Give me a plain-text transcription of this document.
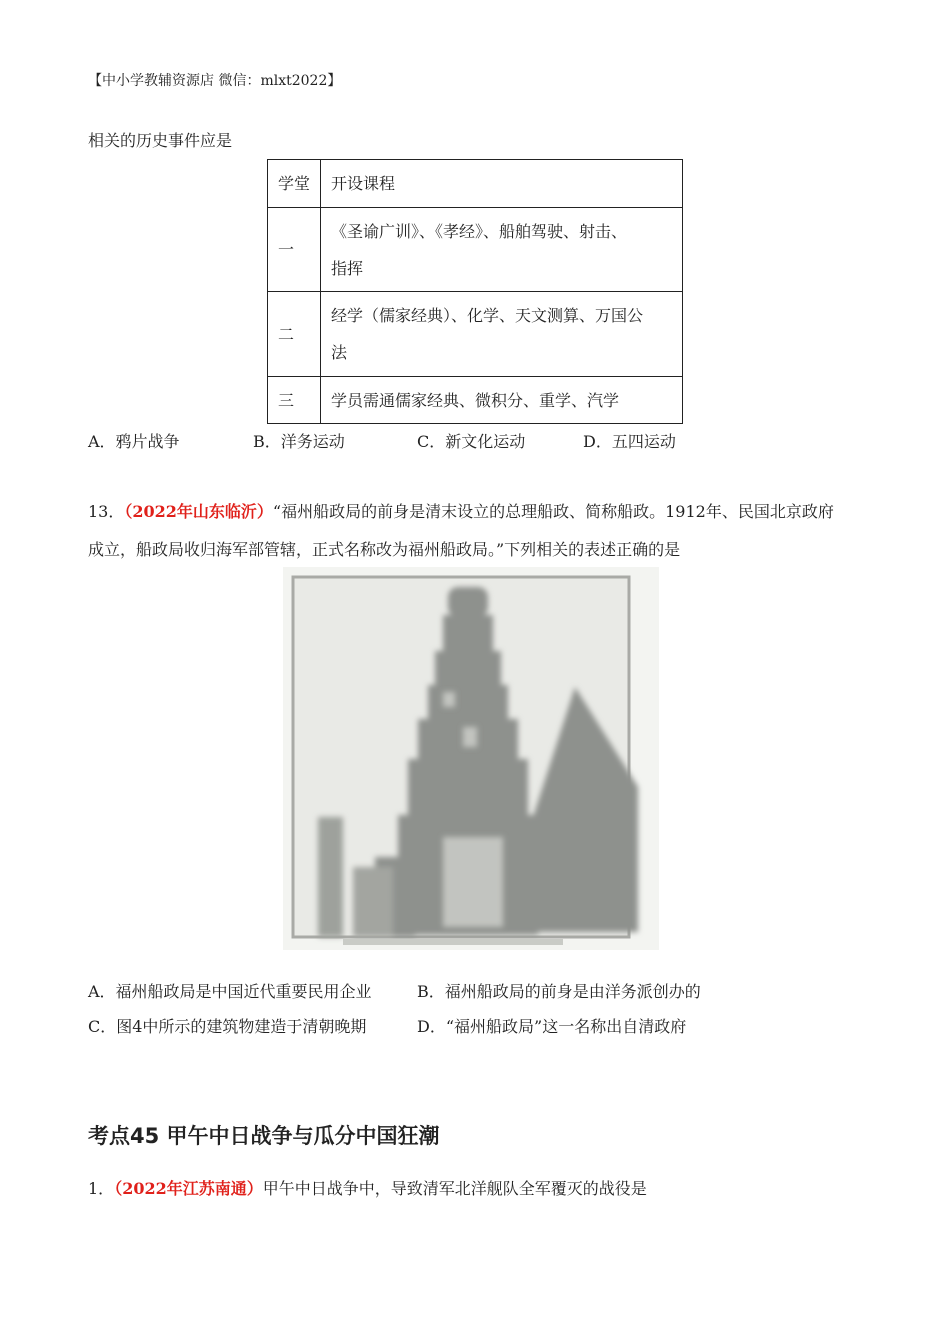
【中小学教辅资源店 微信：mlxt2022】
相关的历史事件应是
学堂	开设课程
一	《圣谕广训》、《孝经》、船舶驾驶、射击、
指挥

二	经学（儒家经典）、化学、天文测算、万国公
法

三	学员需通儒家经典、微积分、重学、汽学
A．鸦片战争	B．洋务运动	C．新文化运动	D．五四运动
13．（2022年山东临沂）“福州船政局的前身是清末设立的总理船政、简称船政。1912年、民国北京政府
成立，船政局收归海军部管辖，正式名称改为福州船政局。”下列相关的表述正确的是
A．福州船政局是中国近代重要民用企业	B．福州船政局的前身是由洋务派创办的
C．图4中所示的建筑物建造于清朝晚期	D．“福州船政局”这一名称出自清政府
考点45 甲午中日战争与瓜分中国狂潮
1．（2022年江苏南通）甲午中日战争中，导致清军北洋舰队全军覆灭的战役是
